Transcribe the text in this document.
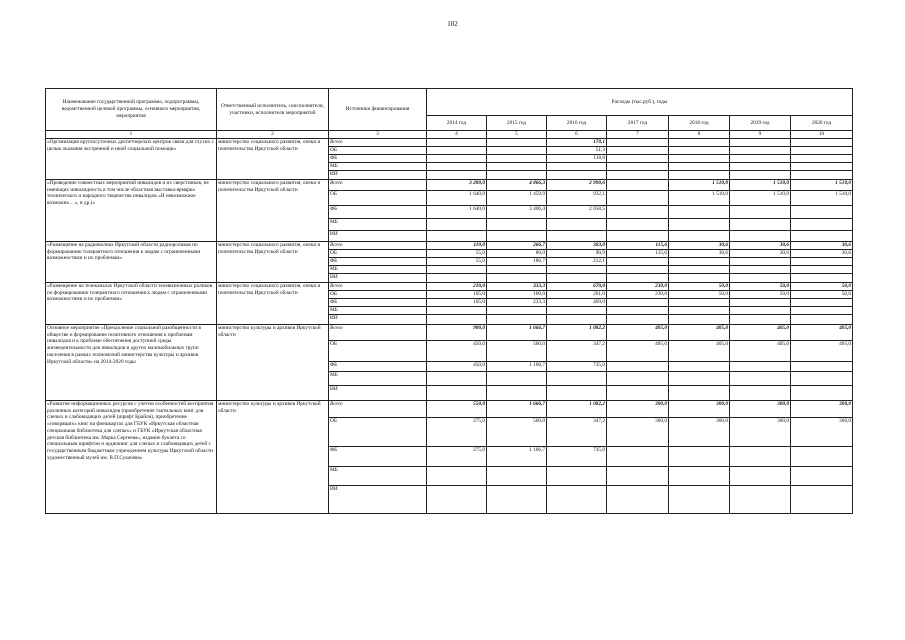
102
Наименование государственной программы, подпрограммы, ведомственной целевой программы, основного мероприятия, мероприятия	Ответственный исполнитель, соисполнители, участники, исполнители мероприятий	Источники финансирования	Расходы (тыс.руб.), годы						
			2014 год	2015 год	2016 год	2017 год	2018 год	2019 год	2020 год
1	2	3	4	5	6	7	8	9	10
«Организация круглосуточных диспетчерских центров связи для глухих с целью оказания экстренной и иной социальной помощи»	министерство социального развития, опеки и попечительства Иркутской области	Всего			170,1				
		ОБ			51,3				
		ФБ			118,8				
		МБ							
		ИИ							
«Проведение совместных мероприятий инвалидов и их сверстников, не имеющих инвалидность в том числе областная выставка-ярмарка технического и народного творчества инвалидов «И невозможное возможно…», и др.)»	министерство социального развития, опеки и попечительства Иркутской области	Всего	3 280,0	4 866,3	2 990,6		1 510,0	1 510,0	1 510,0
		ОБ	1 640,0	1 459,9	932,1		1 510,0	1 510,0	1 510,0
		ФБ	1 640,0	3 406,4	2 058,5				
		МБ							
		ИИ							
«Размещение на радиоволнах Иркутской области радиороликов по формированию толерантного отношения к людям с ограниченными возможностями и их проблемам»	министерство социального развития, опеки и попечительства Иркутской области	Всего	110,0	266,7	303,0	115,6	30,6	30,6	30,6
		ОБ	55,0	80,0	90,9	115,6	30,6	30,6	30,6
		ФБ	55,0	186,7	212,1				
		МБ							
		ИИ							
«Размещение на телеканалах Иркутской области телевизионных роликов по формированию толерантного отношения к людям с ограниченными возможностями и их проблемам»	министерство социального развития, опеки и попечительства Иркутской области	Всего	210,0	333,3	670,0	230,0	50,0	50,0	50,0
		ОБ	105,0	100,0	201,0	230,0	50,0	50,0	50,0
		ФБ	105,0	233,3	469,0				
		МБ							
		ИИ							
Основное мероприятие «Преодоление социальной разобщенности в обществе и формирование позитивного отношения к проблемам инвалидов и к проблеме обеспечения доступной среды жизнедеятельности для инвалидов и других маломобильных групп населения в рамках полномочий министерства культуры и архивов Иркутской области» на 2014-2020 годы	министерство культуры и архивов Иркутской области	Всего	900,0	1 666,7	1 082,2	405,0	405,0	405,0	405,0
		ОБ	450,0	500,0	347,2	405,0	405,0	405,0	405,0
		ФБ	450,0	1 166,7	735,0				
		МБ							
		ИИ							
«Развитие информационных ресурсов с учетом особенностей восприятия различных категорий инвалидов (приобретение тактильных книг для слепых и слабовидящих детей (шрифт Брайля), приобретение «говорящих» книг на флешкартах для ГБУК «Иркутская областная специальная библиотека для слепых» и ГБУК «Иркутская областная детская библиотека им. Марка Сергеева», издание буклета со специальным шрифтом и аудиокниг для слепых и слабовидящих детей с государственным бюджетным учреждением культуры Иркутской области художественный музей им. В.П.Сукачева»	министерство культуры и архивов Иркутской области	Всего	550,0	1 666,7	1 082,2	300,0	300,0	300,0	300,0
		ОБ	275,0	500,0	347,2	300,0	300,0	300,0	300,0
		ФБ	275,0	1 166,7	735,0				
		МБ							
		ИИ							
